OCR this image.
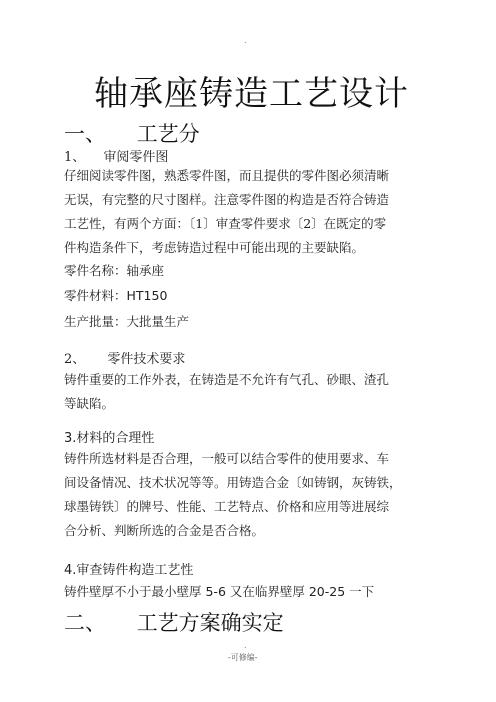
.
轴承座铸造工艺设计
一、 工艺分
1、 审阅零件图
仔细阅读零件图，熟悉零件图，而且提供的零件图必须清晰
无误，有完整的尺寸图样。注意零件图的构造是否符合铸造
工艺性，有两个方面：〔1〕审查零件要求〔2〕在既定的零
件构造条件下，考虑铸造过程中可能出现的主要缺陷。
零件名称：轴承座
零件材料：HT150
生产批量：大批量生产
2、 零件技术要求
铸件重要的工作外表，在铸造是不允许有气孔、砂眼、渣孔
等缺陷。
3.材料的合理性
铸件所选材料是否合理，一般可以结合零件的使用要求、车
间设备情况、技术状况等等。用铸造合金〔如铸钢，灰铸铁，
球墨铸铁〕的牌号、性能、工艺特点、价格和应用等进展综
合分析、判断所选的合金是否合格。
4.审查铸件构造工艺性
铸件壁厚不小于最小壁厚 5-6 又在临界壁厚 20-25 一下
二、 工艺方案确实定
.
-可修编-
